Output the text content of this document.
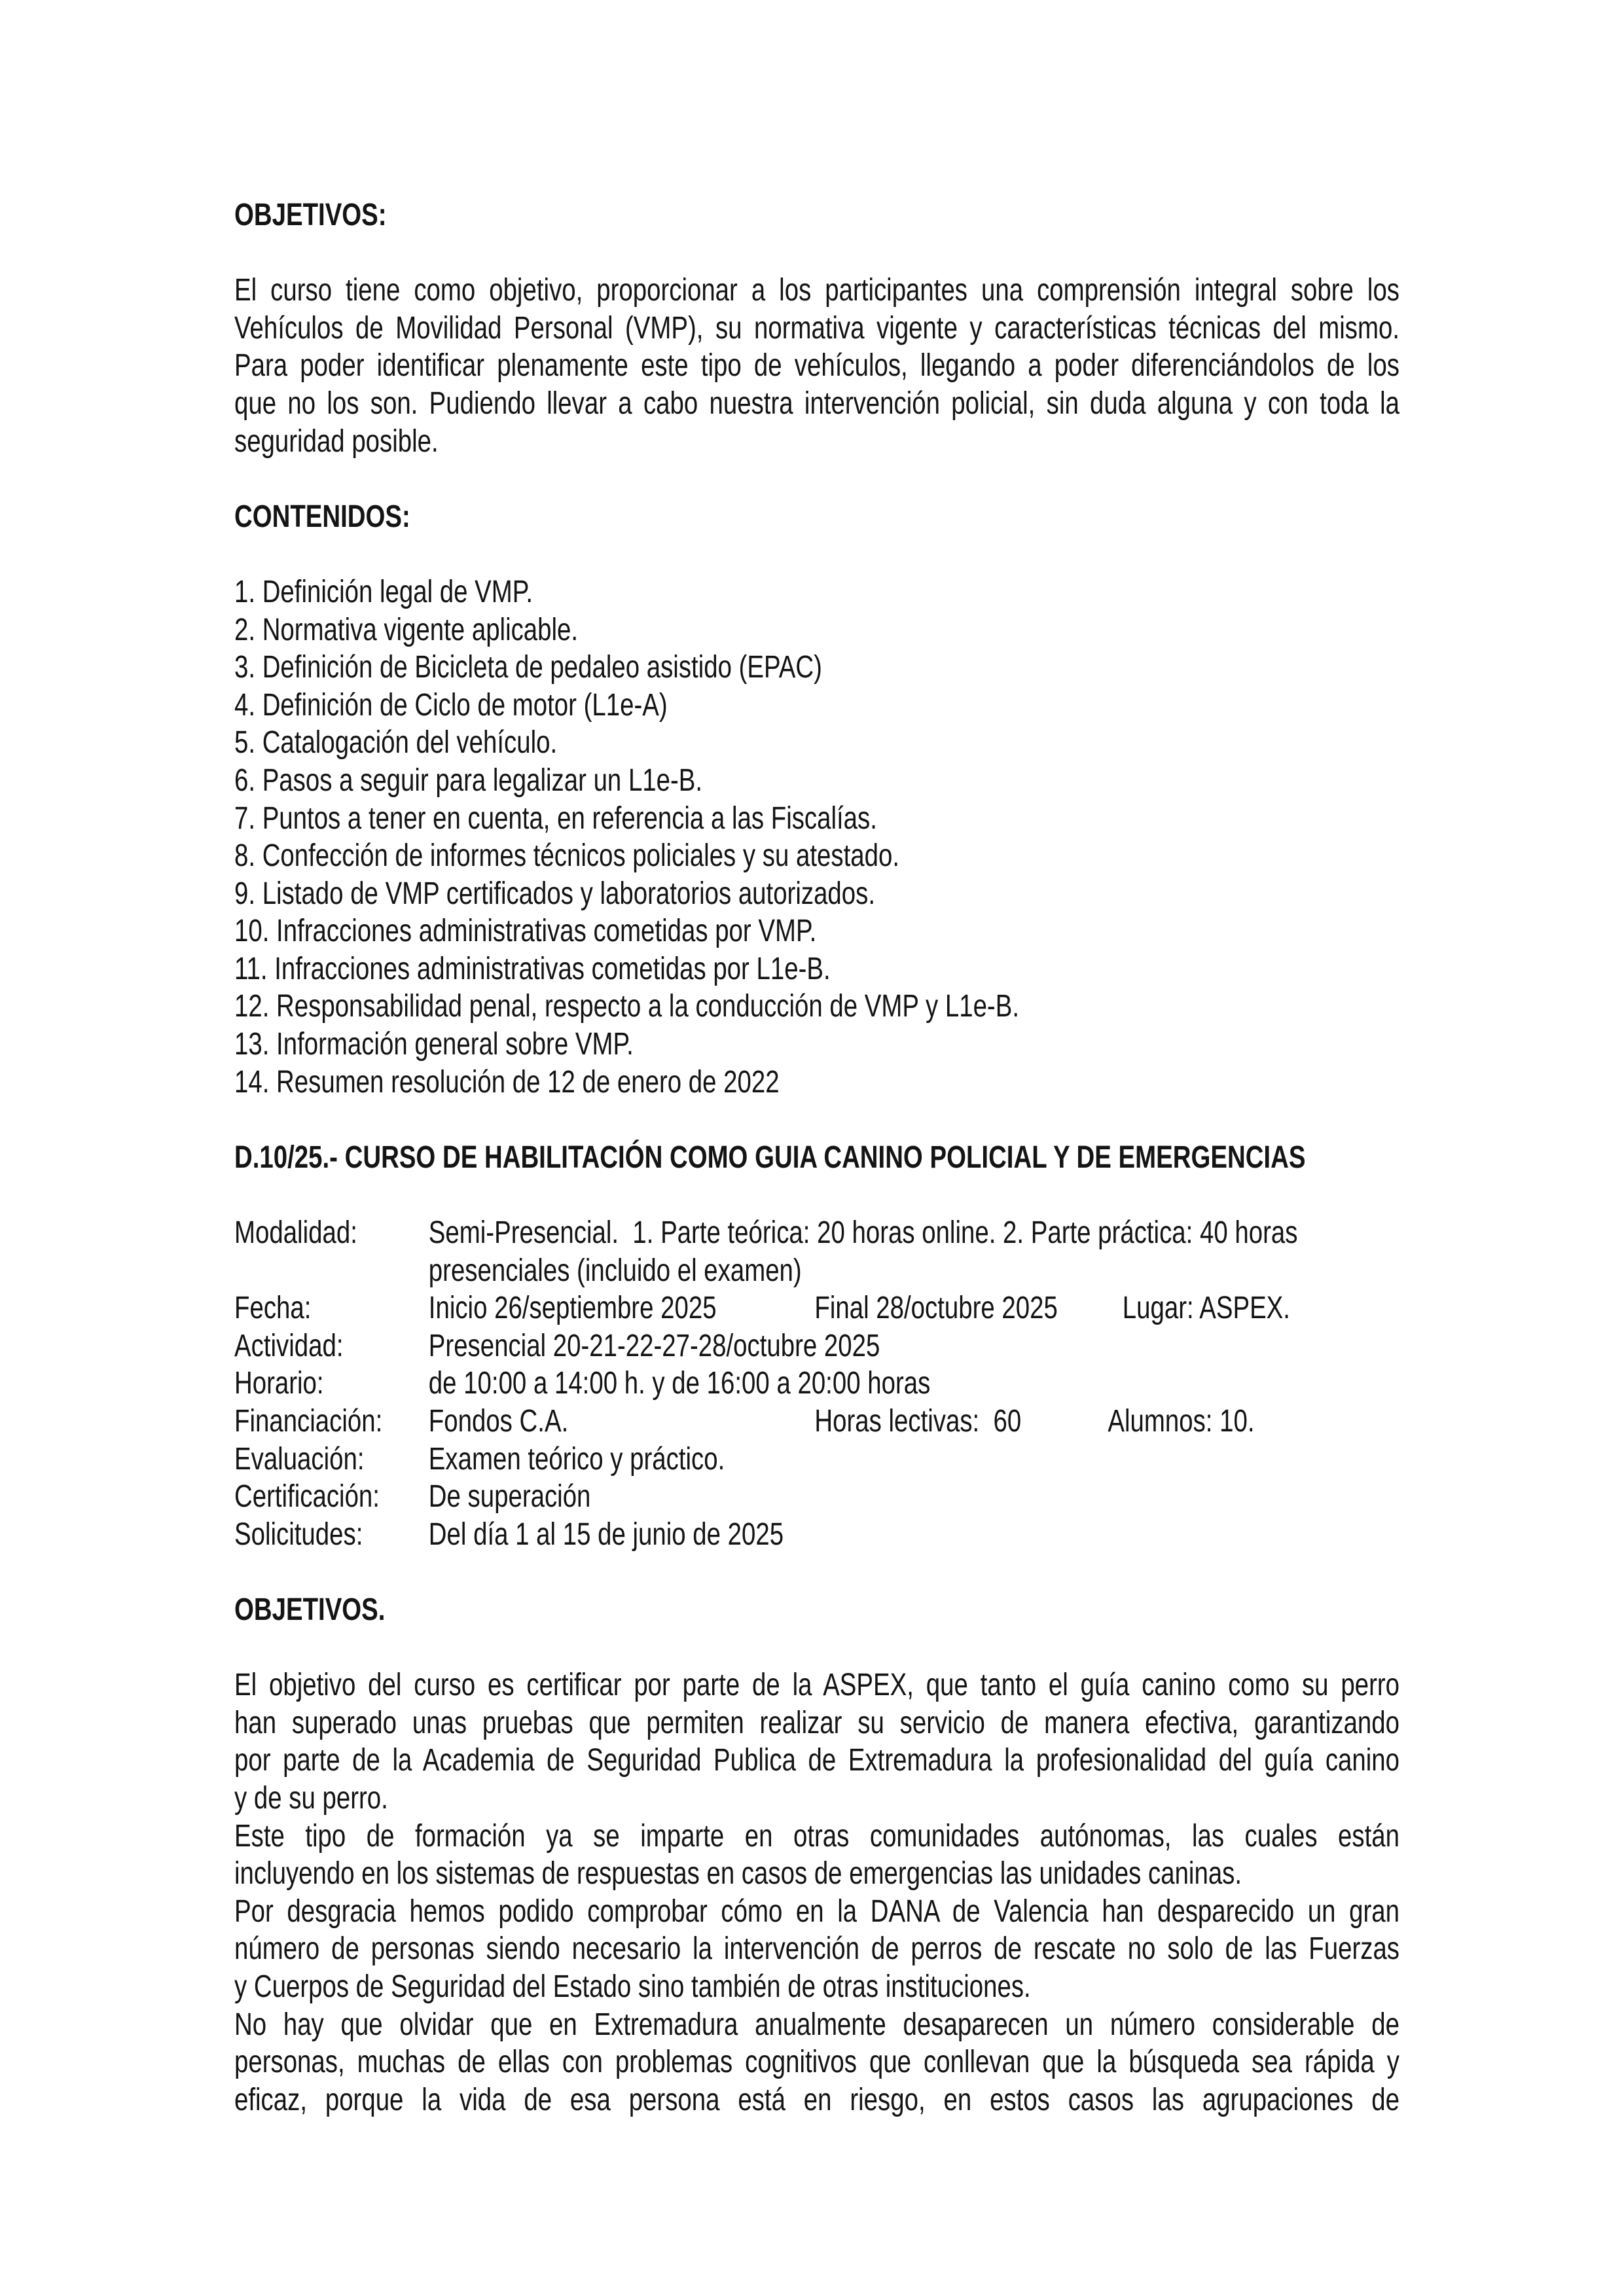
OBJETIVOS:
El curso tiene como objetivo, proporcionar a los participantes una comprensión integral sobre los
Vehículos de Movilidad Personal (VMP), su normativa vigente y características técnicas del mismo.
Para poder identificar plenamente este tipo de vehículos, llegando a poder diferenciándolos de los
que no los son. Pudiendo llevar a cabo nuestra intervención policial, sin duda alguna y con toda la
seguridad posible.
CONTENIDOS:
1. Definición legal de VMP.
2. Normativa vigente aplicable.
3. Definición de Bicicleta de pedaleo asistido (EPAC)
4. Definición de Ciclo de motor (L1e-A)
5. Catalogación del vehículo.
6. Pasos a seguir para legalizar un L1e-B.
7. Puntos a tener en cuenta, en referencia a las Fiscalías.
8. Confección de informes técnicos policiales y su atestado.
9. Listado de VMP certificados y laboratorios autorizados.
10. Infracciones administrativas cometidas por VMP.
11. Infracciones administrativas cometidas por L1e-B.
12. Responsabilidad penal, respecto a la conducción de VMP y L1e-B.
13. Información general sobre VMP.
14. Resumen resolución de 12 de enero de 2022
D.10/25.- CURSO DE HABILITACIÓN COMO GUIA CANINO POLICIAL Y DE EMERGENCIAS
Modalidad: Semi-Presencial.  1. Parte teórica: 20 horas online. 2. Parte práctica: 40 horas
presenciales (incluido el examen)
Fecha:	Inicio 26/septiembre 2025	Final 28/octubre 2025 Lugar: ASPEX.
Actividad:	Presencial 20-21-22-27-28/octubre 2025
Horario:	de 10:00 a 14:00 h. y de 16:00 a 20:00 horas
Financiación: Fondos C.A.	Horas lectivas:  60	Alumnos: 10.
Evaluación: Examen teórico y práctico.
Certificación: De superación
Solicitudes: Del día 1 al 15 de junio de 2025
OBJETIVOS.
El objetivo del curso es certificar por parte de la ASPEX, que tanto el guía canino como su perro
han superado unas pruebas que permiten realizar su servicio de manera efectiva, garantizando
por parte de la Academia de Seguridad Publica de Extremadura la profesionalidad del guía canino
y de su perro.
Este tipo de formación ya se imparte en otras comunidades autónomas, las cuales están
incluyendo en los sistemas de respuestas en casos de emergencias las unidades caninas.
Por desgracia hemos podido comprobar cómo en la DANA de Valencia han desparecido un gran
número de personas siendo necesario la intervención de perros de rescate no solo de las Fuerzas
y Cuerpos de Seguridad del Estado sino también de otras instituciones.
No hay que olvidar que en Extremadura anualmente desaparecen un número considerable de
personas, muchas de ellas con problemas cognitivos que conllevan que la búsqueda sea rápida y
eficaz, porque la vida de esa persona está en riesgo, en estos casos las agrupaciones de
